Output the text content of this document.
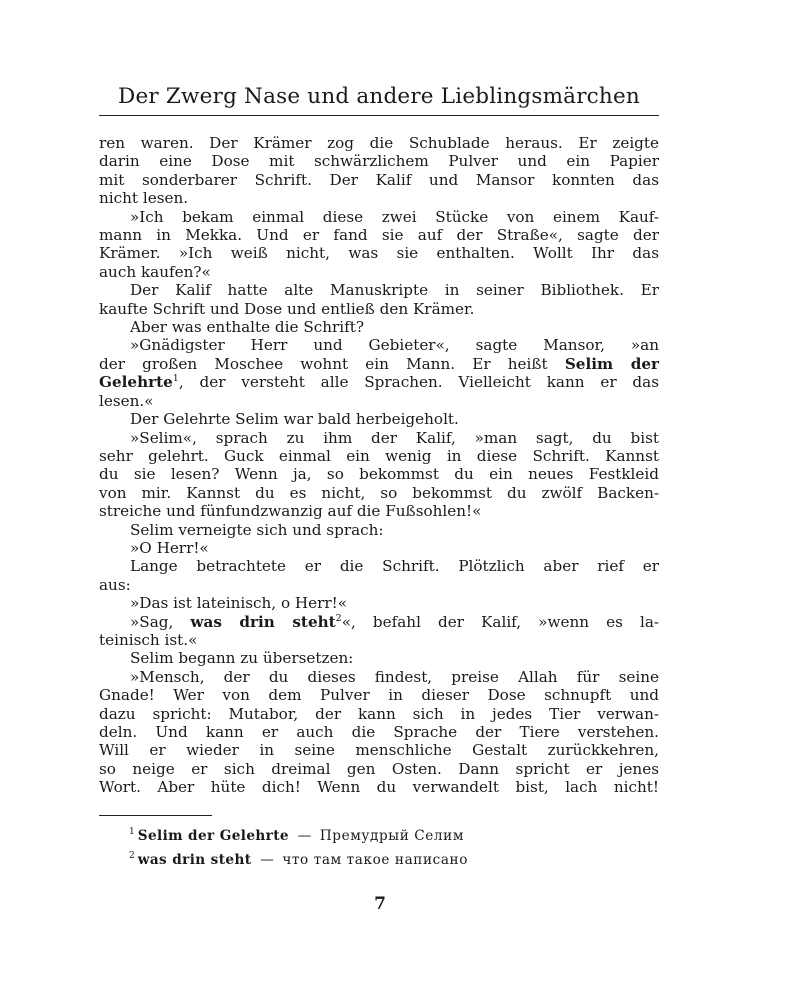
Der Zwerg Nase und andere Lieblingsmärchen
ren waren. Der Krämer zog die Schublade heraus. Er zeigte
darin eine Dose mit schwärzlichem Pulver und ein Papier
mit sonderbarer Schrift. Der Kalif und Mansor konnten das
nicht lesen.
»Ich bekam einmal diese zwei Stücke von einem Kauf-
mann in Mekka. Und er fand sie auf der Straße«, sagte der
Krämer. »Ich weiß nicht, was sie enthalten. Wollt Ihr das
auch kaufen?«
Der Kalif hatte alte Manuskripte in seiner Bibliothek. Er
kaufte Schrift und Dose und entließ den Krämer.
Aber was enthalte die Schrift?
»Gnädigster Herr und Gebieter«, sagte Mansor, »an
der großen Moschee wohnt ein Mann. Er heißt Selim der
Gelehrte$^1$, der versteht alle Sprachen. Vielleicht kann er das
lesen.«
Der Gelehrte Selim war bald herbeigeholt.
»Selim«, sprach zu ihm der Kalif, »man sagt, du bist
sehr gelehrt. Guck einmal ein wenig in diese Schrift. Kannst
du sie lesen? Wenn ja, so bekommst du ein neues Festkleid
von mir. Kannst du es nicht, so bekommst du zwölf Backen-
streiche und fünfundzwanzig auf die Fußsohlen!«
Selim verneigte sich und sprach:
»O Herr!«
Lange betrachtete er die Schrift. Plötzlich aber rief er
aus:
»Das ist lateinisch, o Herr!«
»Sag, was drin steht$^2$«, befahl der Kalif, »wenn es la-
teinisch ist.«
Selim begann zu übersetzen:
»Mensch, der du dieses findest, preise Allah für seine
Gnade! Wer von dem Pulver in dieser Dose schnupft und
dazu spricht: Mutabor, der kann sich in jedes Tier verwan-
deln. Und kann er auch die Sprache der Tiere verstehen.
Will er wieder in seine menschliche Gestalt zurückkehren,
so neige er sich dreimal gen Osten. Dann spricht er jenes
Wort. Aber hüte dich! Wenn du verwandelt bist, lach nicht!
$^1$ Selim der Gelehrte — Премудрый Селим
$^2$ was drin steht — что там такое написано
7
